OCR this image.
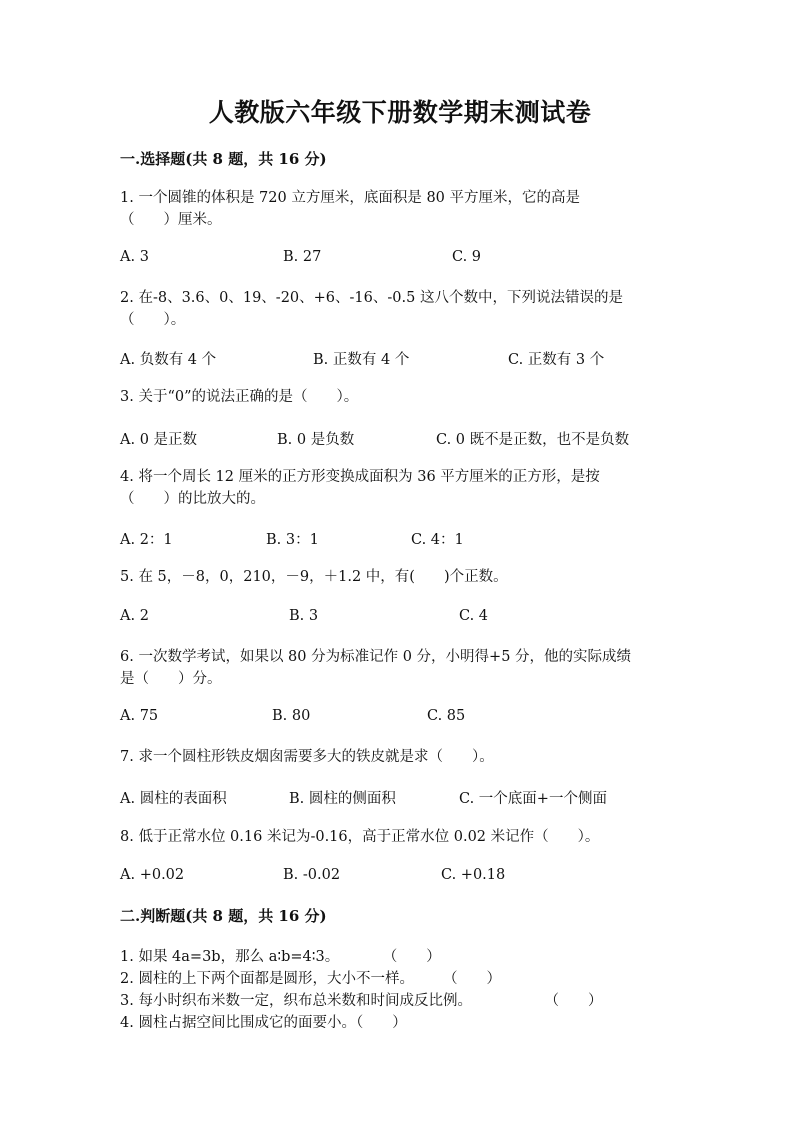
人教版六年级下册数学期末测试卷
一.选择题(共 8 题，共 16 分)
1. 一个圆锥的体积是 720 立方厘米，底面积是 80 平方厘米，它的高是
（　　）厘米。
A. 3	B. 27	C. 9
2. 在-8、3.6、0、19、-20、+6、-16、-0.5 这八个数中，下列说法错误的是
（　　）。
A. 负数有 4 个	B. 正数有 4 个	C. 正数有 3 个
3. 关于“0”的说法正确的是（　　）。
A. 0 是正数	B. 0 是负数	C. 0 既不是正数，也不是负数
4. 将一个周长 12 厘米的正方形变换成面积为 36 平方厘米的正方形，是按
（　　）的比放大的。
A. 2：1	B. 3：1	C. 4：1
5. 在 5，－8，0，210，－9，＋1.2 中，有(　　)个正数。
A. 2	B. 3	C. 4
6. 一次数学考试，如果以 80 分为标准记作 0 分，小明得+5 分，他的实际成绩
是（　　）分。
A. 75	B. 80	C. 85
7. 求一个圆柱形铁皮烟囱需要多大的铁皮就是求（　　）。
A. 圆柱的表面积	B. 圆柱的侧面积	C. 一个底面+一个侧面
8. 低于正常水位 0.16 米记为-0.16，高于正常水位 0.02 米记作（　　）。
A. +0.02	B. -0.02	C. +0.18
二.判断题(共 8 题，共 16 分)
1. 如果 4a=3b，那么 a∶b=4∶3。　　　　（　　）
2. 圆柱的上下两个面都是圆形，大小不一样。　　　（　　）
3. 每小时织布米数一定，织布总米数和时间成反比例。　　　　　　（　　）
4. 圆柱占据空间比围成它的面要小。（　　）
